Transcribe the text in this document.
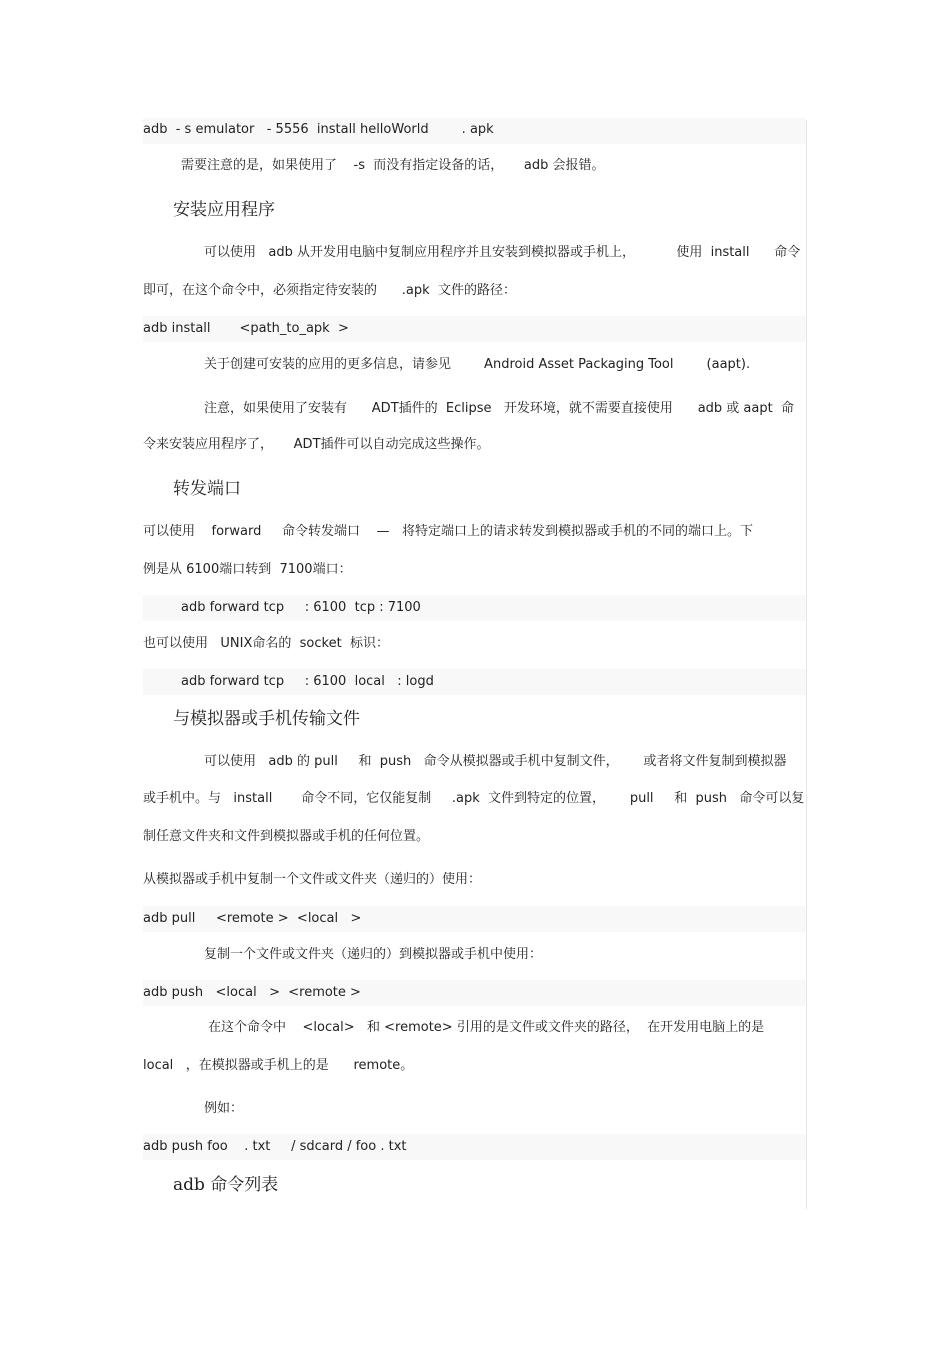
adb  - s emulator   - 5556  install helloWorld        . apk
需要注意的是，如果使用了    -s  而没有指定设备的话，     adb 会报错。
安装应用程序
可以使用   adb 从开发用电脑中复制应用程序并且安装到模拟器或手机上，          使用  install      命令
即可，在这个命令中，必须指定待安装的      .apk  文件的路径：
adb install       <path_to_apk  >
关于创建可安装的应用的更多信息，请参见        Android Asset Packaging Tool        (aapt).
注意，如果使用了安装有      ADT插件的  Eclipse   开发环境，就不需要直接使用      adb 或 aapt  命
令来安装应用程序了，     ADT插件可以自动完成这些操作。
转发端口
可以使用    forward     命令转发端口    —   将特定端口上的请求转发到模拟器或手机的不同的端口上。下
例是从 6100端口转到  7100端口：
adb forward tcp     : 6100  tcp : 7100
也可以使用   UNIX命名的  socket  标识：
adb forward tcp     : 6100  local   : logd
与模拟器或手机传输文件
可以使用   adb 的 pull     和  push   命令从模拟器或手机中复制文件，      或者将文件复制到模拟器
或手机中。与   install       命令不同，它仅能复制     .apk  文件到特定的位置，      pull     和  push   命令可以复
制任意文件夹和文件到模拟器或手机的任何位置。
从模拟器或手机中复制一个文件或文件夹（递归的）使用：
adb pull     <remote >  <local   >
复制一个文件或文件夹（递归的）到模拟器或手机中使用：
adb push   <local   >  <remote >
在这个命令中    <local>   和 <remote> 引用的是文件或文件夹的路径，  在开发用电脑上的是
local   ，在模拟器或手机上的是      remote。
例如：
adb push foo    . txt     / sdcard / foo . txt
adb 命令列表
